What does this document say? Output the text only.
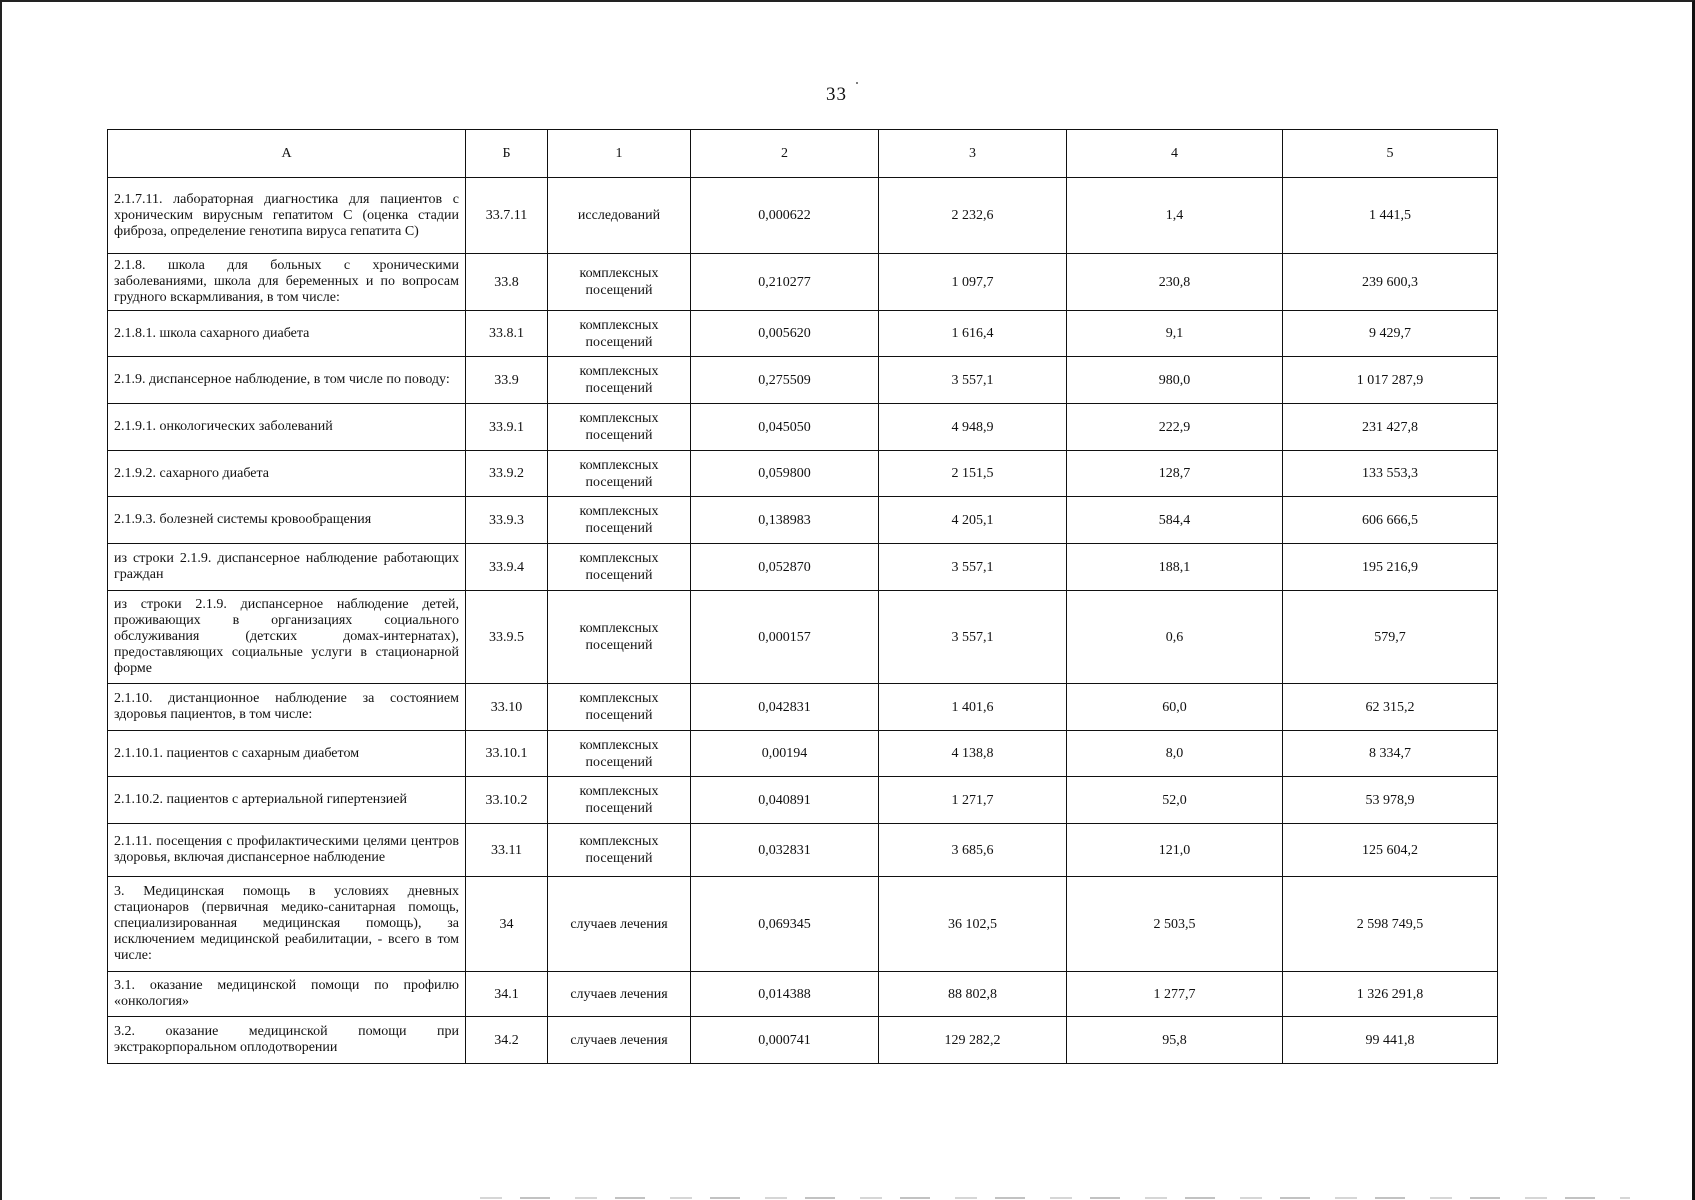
33
А	Б	1	2	3	4	5
2.1.7.11. лабораторная диагностика для пациентов с хроническим вирусным гепатитом С (оценка стадии фиброза, определение генотипа вируса гепатита С)	33.7.11	исследований	0,000622	2 232,6	1,4	1 441,5
2.1.8. школа для больных с хроническими заболеваниями, школа для беременных и по вопросам грудного вскармливания, в том числе:	33.8	комплексных посещений	0,210277	1 097,7	230,8	239 600,3
2.1.8.1. школа сахарного диабета	33.8.1	комплексных посещений	0,005620	1 616,4	9,1	9 429,7
2.1.9. диспансерное наблюдение, в том числе по поводу:	33.9	комплексных посещений	0,275509	3 557,1	980,0	1 017 287,9
2.1.9.1. онкологических заболеваний	33.9.1	комплексных посещений	0,045050	4 948,9	222,9	231 427,8
2.1.9.2. сахарного диабета	33.9.2	комплексных посещений	0,059800	2 151,5	128,7	133 553,3
2.1.9.3. болезней системы кровообращения	33.9.3	комплексных посещений	0,138983	4 205,1	584,4	606 666,5
из строки 2.1.9. диспансерное наблюдение работающих граждан	33.9.4	комплексных посещений	0,052870	3 557,1	188,1	195 216,9
из строки 2.1.9. диспансерное наблюдение детей, проживающих в организациях социального обслуживания (детских домах-интернатах), предоставляющих социальные услуги в стационарной форме	33.9.5	комплексных посещений	0,000157	3 557,1	0,6	579,7
2.1.10. дистанционное наблюдение за состоянием здоровья пациентов, в том числе:	33.10	комплексных посещений	0,042831	1 401,6	60,0	62 315,2
2.1.10.1. пациентов с сахарным диабетом	33.10.1	комплексных посещений	0,00194	4 138,8	8,0	8 334,7
2.1.10.2. пациентов с артериальной гипертензией	33.10.2	комплексных посещений	0,040891	1 271,7	52,0	53 978,9
2.1.11. посещения с профилактическими целями центров здоровья, включая диспансерное наблюдение	33.11	комплексных посещений	0,032831	3 685,6	121,0	125 604,2
3. Медицинская помощь в условиях дневных стационаров (первичная медико-санитарная помощь, специализированная медицинская помощь), за исключением медицинской реабилитации, - всего в том числе:	34	случаев лечения	0,069345	36 102,5	2 503,5	2 598 749,5
3.1. оказание медицинской помощи по профилю «онкология»	34.1	случаев лечения	0,014388	88 802,8	1 277,7	1 326 291,8
3.2. оказание медицинской помощи при экстракорпоральном оплодотворении	34.2	случаев лечения	0,000741	129 282,2	95,8	99 441,8
